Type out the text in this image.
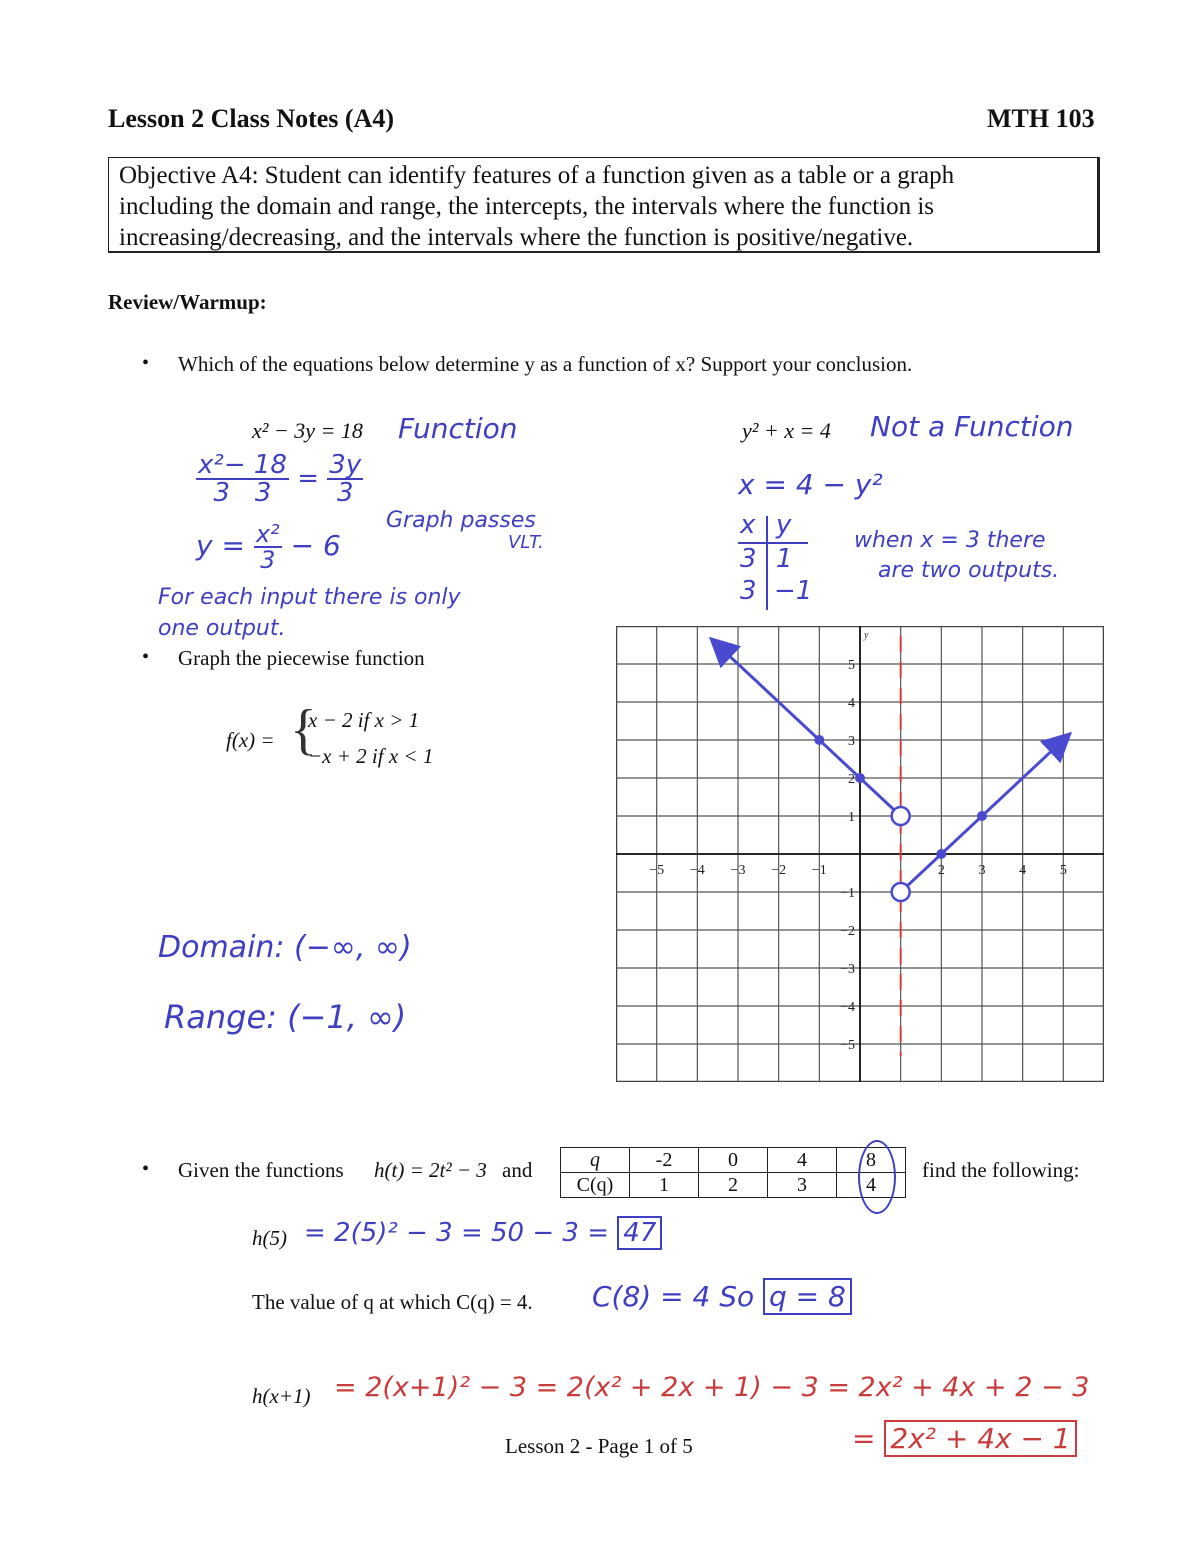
Lesson 2 Class Notes (A4)	MTH 103
Objective A4: Student can identify features of a function given as a table or a graph
including the domain and range, the intercepts, the intervals where the function is
increasing/decreasing, and the intervals where the function is positive/negative.
Review/Warmup:
• Which of the equations below determine y as a function of x? Support your conclusion.
x² − 3y = 18 Function
$\frac{\text{x²− 18}}{3 3} = \frac{3y}{3}$
$y = \frac{\text{x²}}{3} - 6$
Graph passes
VLT.
For each input there is only
one output.
y² + x = 4 Not a Function
x = 4 − y²
x y
3 1
3 −1
when x = 3 there
are two outputs.
• Graph the piecewise function
f(x) = {
x − 2 if x > 1
−x + 2 if x < 1
Domain: (−∞, ∞)
Range: (−1, ∞)
−5 −4 −3 −2 −1	2 3 4 5
5
4
3
2
1
−1
−2
−3
−4
−5
y
• Given the functions h(t) = 2t² − 3 and	q	-2	0	4	8
C(q)	1	2	3	4
find the following:
h(5) = 2(5)² − 3 = 50 − 3 = 47
The value of q at which C(q) = 4. C(8) = 4 So q = 8
h(x+1) = 2(x+1)² − 3 = 2(x² + 2x + 1) − 3 = 2x² + 4x + 2 − 3
= 2x² + 4x − 1
Lesson 2 - Page 1 of 5
